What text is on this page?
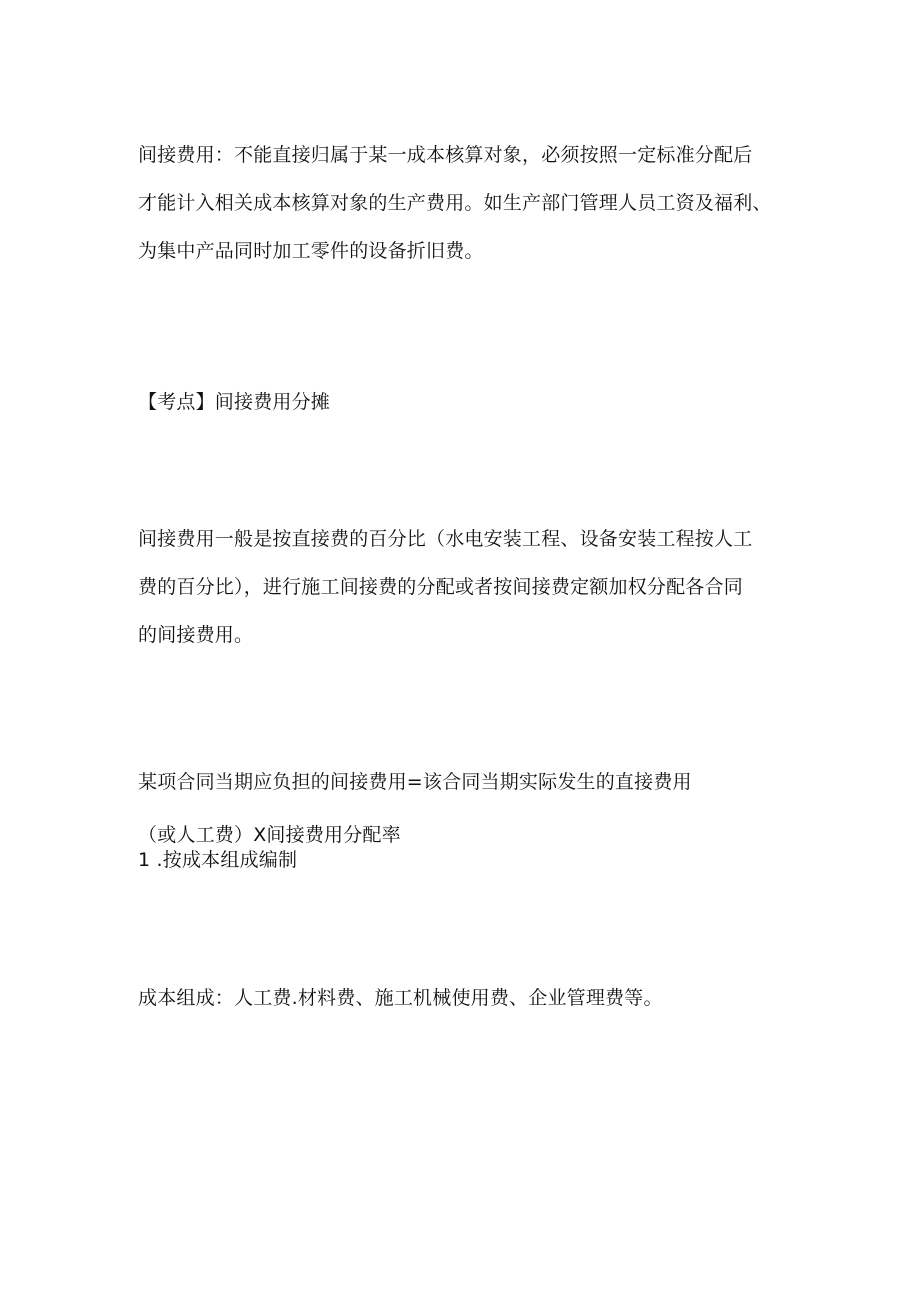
间接费用：不能直接归属于某一成本核算对象，必须按照一定标准分配后

才能计入相关成本核算对象的生产费用。如生产部门管理人员工资及福利、

为集中产品同时加工零件的设备折旧费。

【考点】间接费用分摊

间接费用一般是按直接费的百分比（水电安装工程、设备安装工程按人工

费的百分比），进行施工间接费的分配或者按间接费定额加权分配各合同

的间接费用。

某项合同当期应负担的间接费用=该合同当期实际发生的直接费用

（或人工费）X间接费用分配率

1 .按成本组成编制

成本组成：人工费.材料费、施工机械使用费、企业管理费等。
